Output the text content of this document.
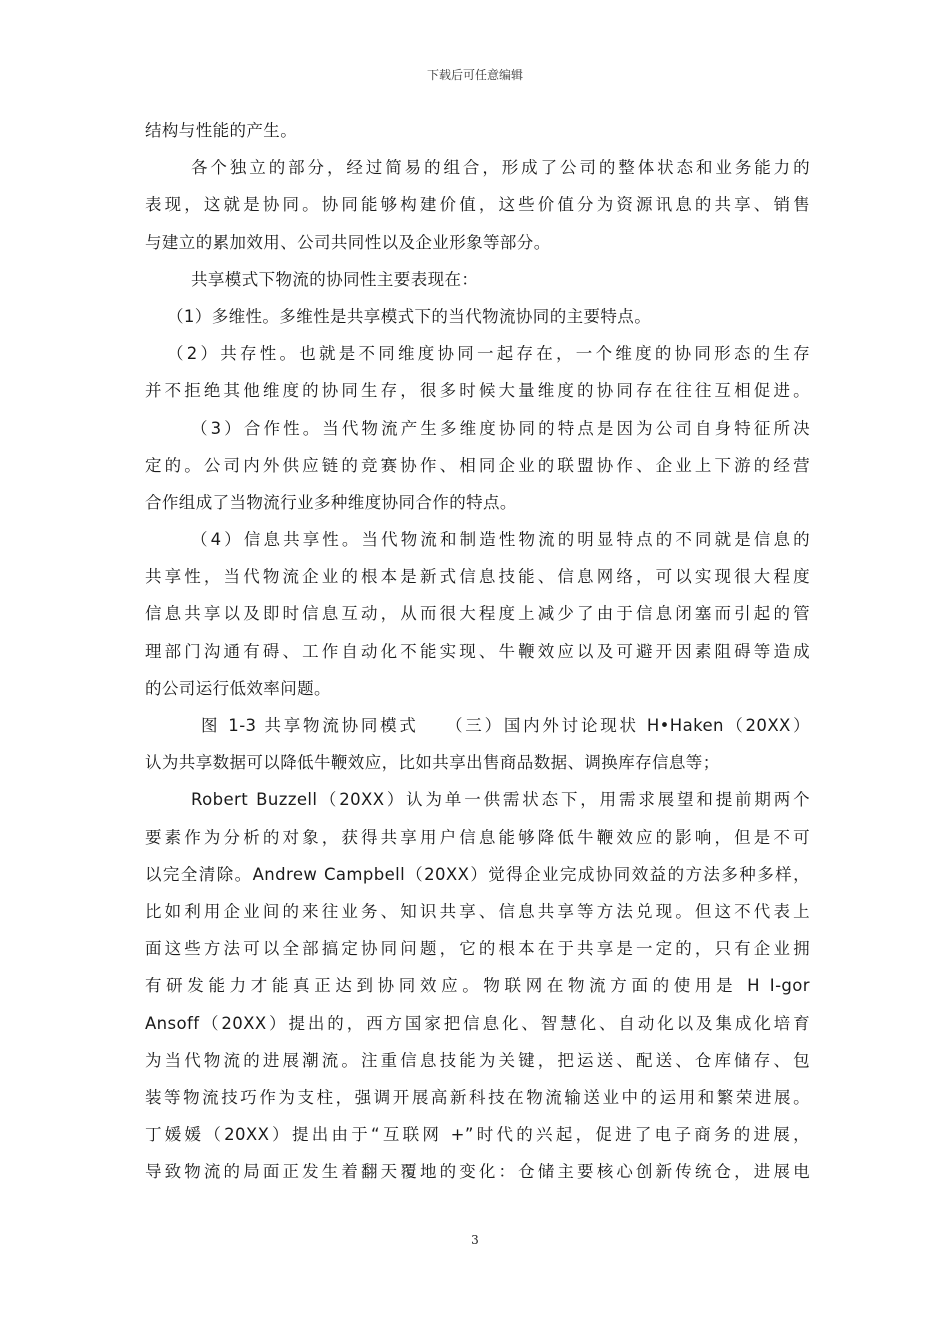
下载后可任意编辑
结构与性能的产生。
各个独立的部分，经过简易的组合，形成了公司的整体状态和业务能力的
表现，这就是协同。协同能够构建价值，这些价值分为资源讯息的共享、销售
与建立的累加效用、公司共同性以及企业形象等部分。
共享模式下物流的协同性主要表现在：
（1）多维性。多维性是共享模式下的当代物流协同的主要特点。
（2）共存性。也就是不同维度协同一起存在，一个维度的协同形态的生存
并不拒绝其他维度的协同生存，很多时候大量维度的协同存在往往互相促进。
（3）合作性。当代物流产生多维度协同的特点是因为公司自身特征所决
定的。公司内外供应链的竞赛协作、相同企业的联盟协作、企业上下游的经营
合作组成了当物流行业多种维度协同合作的特点。
（4）信息共享性。当代物流和制造性物流的明显特点的不同就是信息的
共享性，当代物流企业的根本是新式信息技能、信息网络，可以实现很大程度
信息共享以及即时信息互动，从而很大程度上减少了由于信息闭塞而引起的管
理部门沟通有碍、工作自动化不能实现、牛鞭效应以及可避开因素阻碍等造成
的公司运行低效率问题。
图 1-3 共享物流协同模式　 （三）国内外讨论现状 H•Haken（20XX）
认为共享数据可以降低牛鞭效应，比如共享出售商品数据、调换库存信息等；
Robert Buzzell（20XX）认为单一供需状态下，用需求展望和提前期两个
要素作为分析的对象，获得共享用户信息能够降低牛鞭效应的影响，但是不可
以完全清除。Andrew Campbell（20XX）觉得企业完成协同效益的方法多种多样，
比如利用企业间的来往业务、知识共享、信息共享等方法兑现。但这不代表上
面这些方法可以全部搞定协同问题，它的根本在于共享是一定的，只有企业拥
有研发能力才能真正达到协同效应。物联网在物流方面的使用是 H I-gor
Ansoff（20XX）提出的，西方国家把信息化、智慧化、自动化以及集成化培育
为当代物流的进展潮流。注重信息技能为关键，把运送、配送、仓库储存、包
装等物流技巧作为支柱，强调开展高新科技在物流输送业中的运用和繁荣进展。
丁媛媛（20XX）提出由于“互联网 +”时代的兴起，促进了电子商务的进展，
导致物流的局面正发生着翻天覆地的变化：仓储主要核心创新传统仓，进展电
3
